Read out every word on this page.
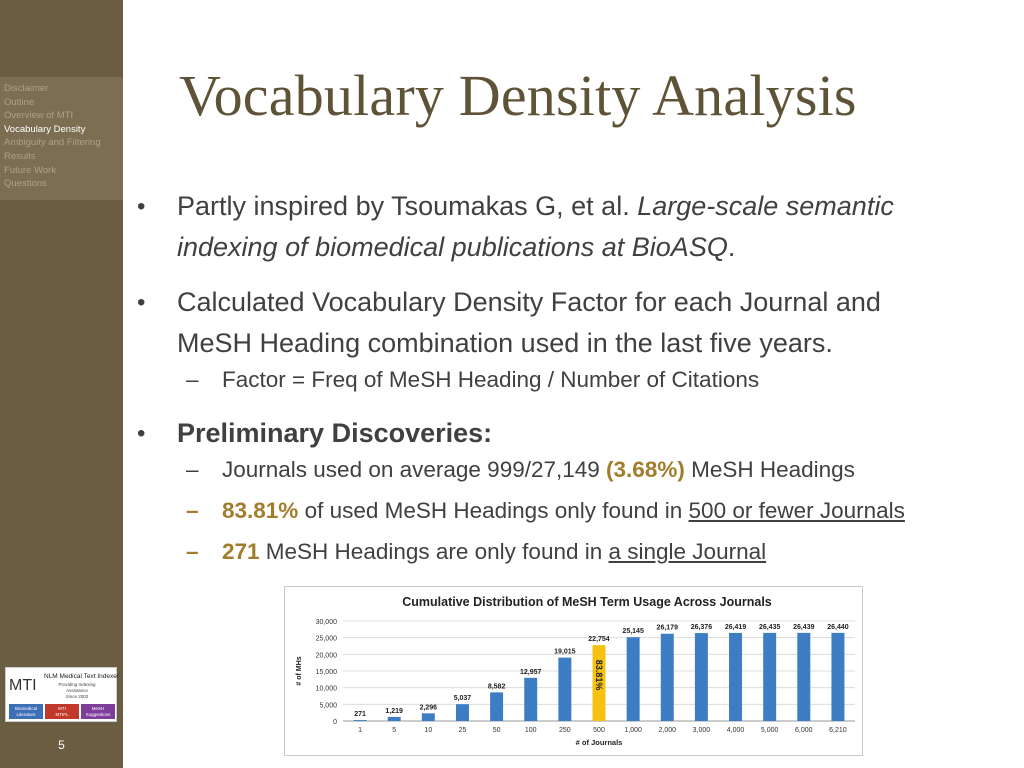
Disclaimer
Outline
Overview of MTI
Vocabulary Density
Ambiguity and Filtering
Results
Future Work
Questions
MTI
NLM Medical Text Indexer
Providing Indexing Assistance
Since 2002
Biomedical
Literature
MTI
MTIFL
MeSH
Suggestions
5
Vocabulary Density Analysis
• Partly inspired by Tsoumakas G, et al. Large-scale semantic
indexing of biomedical publications at BioASQ.
• Calculated Vocabulary Density Factor for each Journal and
MeSH Heading combination used in the last five years.
– Factor = Freq of MeSH Heading / Number of Citations
• Preliminary Discoveries:
– Journals used on average 999/27,149 (3.68%) MeSH Headings
– 83.81% of used MeSH Headings only found in 500 or fewer Journals
– 271 MeSH Headings are only found in a single Journal
Cumulative Distribution of MeSH Term Usage Across Journals
0
5,000
10,000
15,000
20,000
25,000
30,000
# of MHs
# of Journals
271
1
1,219
5
2,296
10
5,037
25
8,582
50
12,957
100
19,015
250
22,754
500
83.81%
25,145
1,000
26,179
2,000
26,376
3,000
26,419
4,000
26,435
5,000
26,439
6,000
26,440
6,210
